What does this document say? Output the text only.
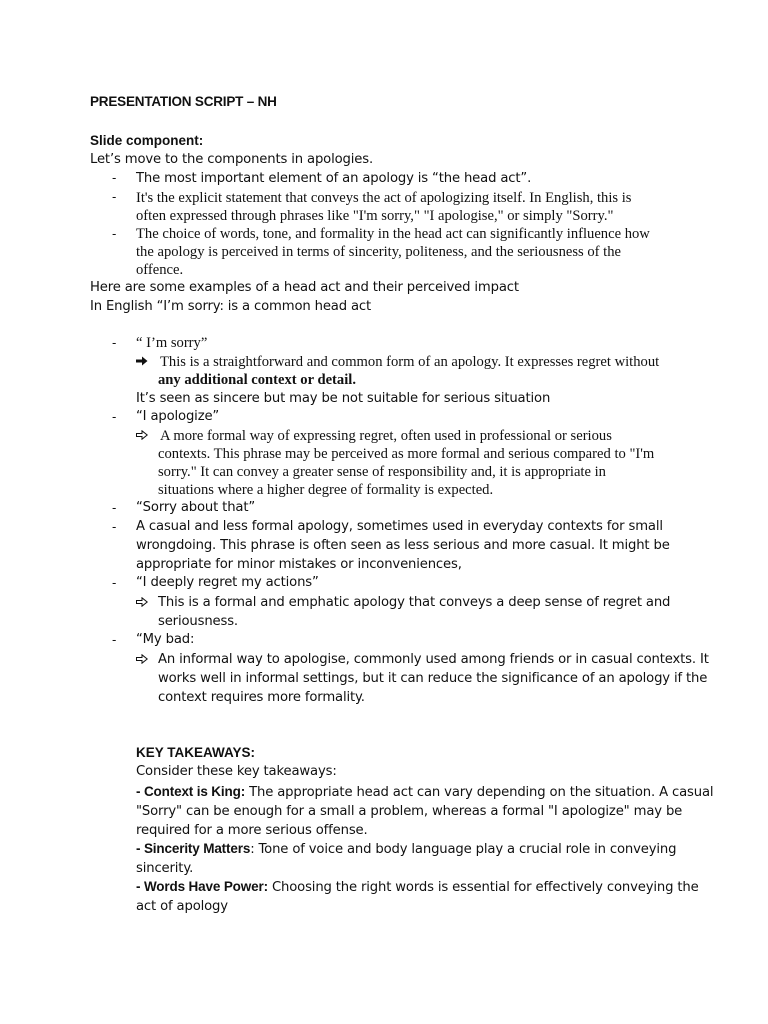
PRESENTATION SCRIPT – NH
Slide component:
Let’s move to the components in apologies.
- The most important element of an apology is “the head act”.
- It's the explicit statement that conveys the act of apologizing itself. In English, this is
often expressed through phrases like "I'm sorry," "I apologise," or simply "Sorry."
- The choice of words, tone, and formality in the head act can significantly influence how
the apology is perceived in terms of sincerity, politeness, and the seriousness of the
offence.
Here are some examples of a head act and their perceived impact
In English “I’m sorry: is a common head act
- “ I’m sorry”
This is a straightforward and common form of an apology. It expresses regret without
any additional context or detail.
It’s seen as sincere but may be not suitable for serious situation
- “I apologize”
A more formal way of expressing regret, often used in professional or serious
contexts. This phrase may be perceived as more formal and serious compared to "I'm
sorry." It can convey a greater sense of responsibility and, it is appropriate in
situations where a higher degree of formality is expected.
- “Sorry about that”
- A casual and less formal apology, sometimes used in everyday contexts for small
wrongdoing. This phrase is often seen as less serious and more casual. It might be
appropriate for minor mistakes or inconveniences,
- “I deeply regret my actions”
This is a formal and emphatic apology that conveys a deep sense of regret and
seriousness.
- “My bad:
An informal way to apologise, commonly used among friends or in casual contexts. It
works well in informal settings, but it can reduce the significance of an apology if the
context requires more formality.
KEY TAKEAWAYS:
Consider these key takeaways:
- Context is King: The appropriate head act can vary depending on the situation. A casual
"Sorry" can be enough for a small a problem, whereas a formal "I apologize" may be
required for a more serious offense.
- Sincerity Matters: Tone of voice and body language play a crucial role in conveying
sincerity.
- Words Have Power: Choosing the right words is essential for effectively conveying the
act of apology
